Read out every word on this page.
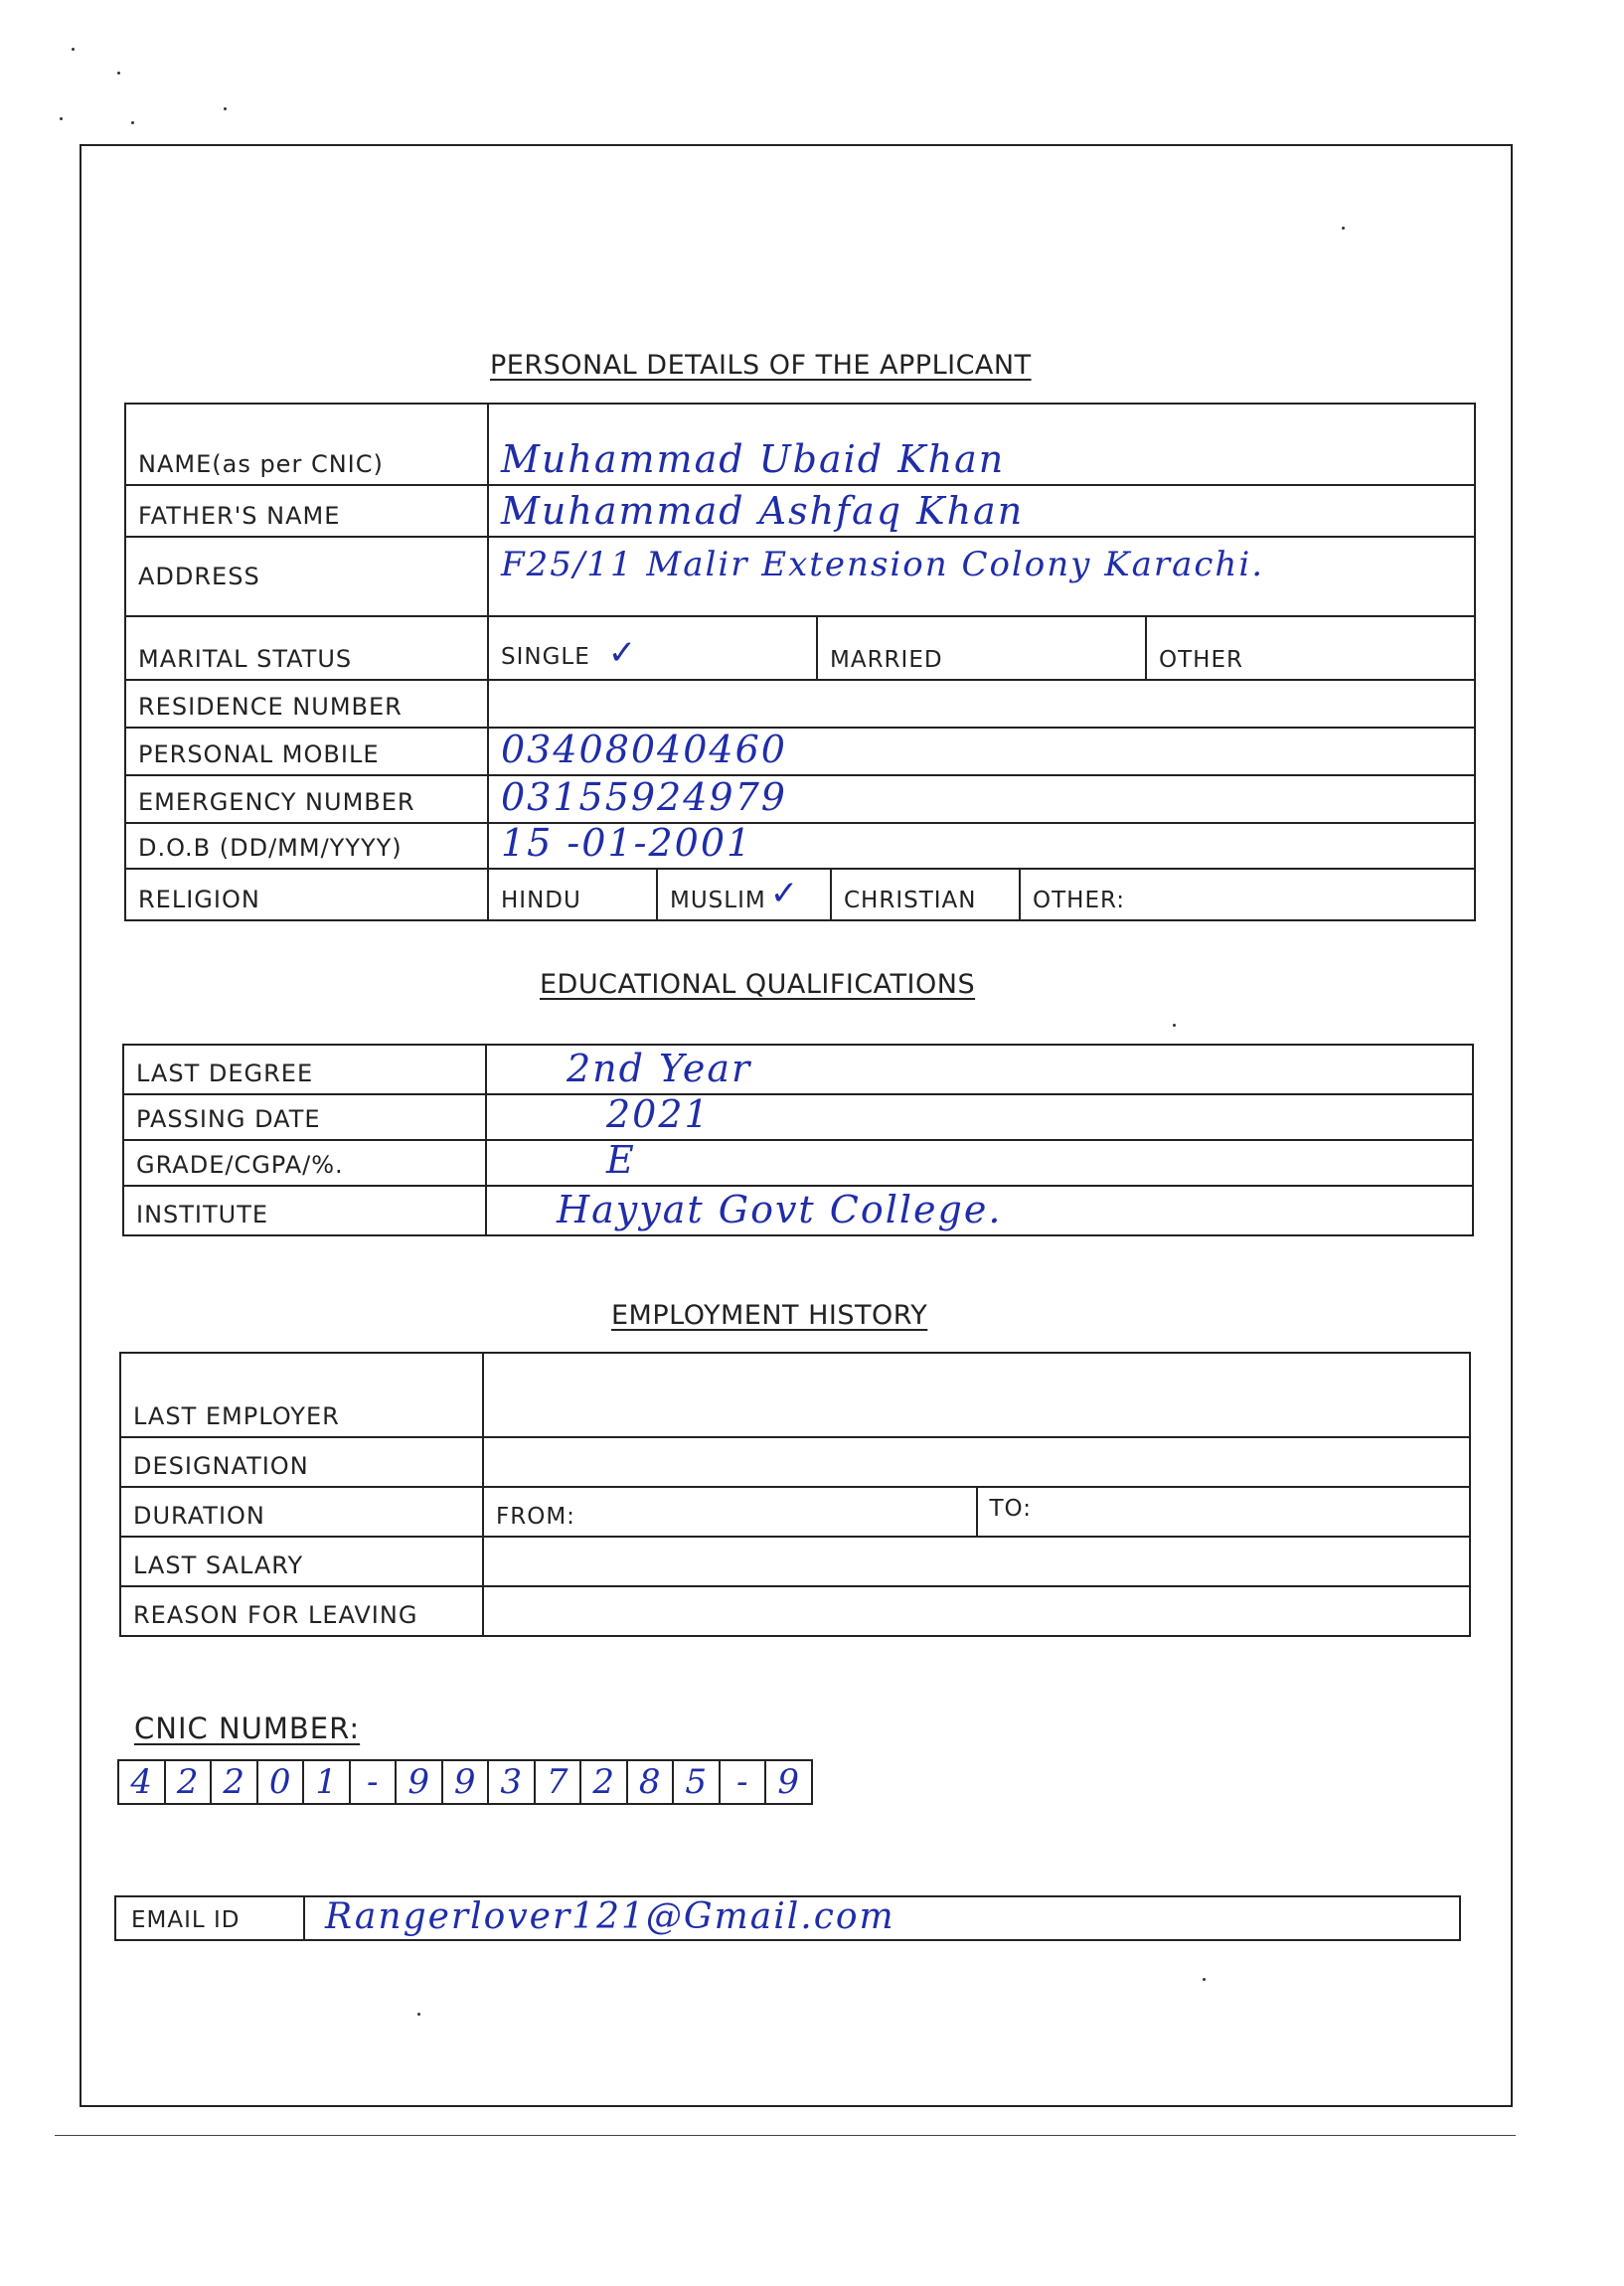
PERSONAL DETAILS OF THE APPLICANT
NAME(as per CNIC)	Muhammad Ubaid Khan		
FATHER'S NAME	Muhammad Ashfaq Khan		
ADDRESS	F25/11 Malir Extension Colony Karachi.		
MARITAL STATUS	SINGLE ✓	MARRIED	OTHER
RESIDENCE NUMBER			
PERSONAL MOBILE	03408040460		
EMERGENCY NUMBER	03155924979		
D.O.B (DD/MM/YYYY)	15 -01-2001		
RELIGION	HINDU MUSLIM ✓ CHRISTIAN OTHER:		
EDUCATIONAL QUALIFICATIONS
LAST DEGREE	2nd Year
PASSING DATE	2021
GRADE/CGPA/%.	E
INSTITUTE	Hayyat Govt College.
EMPLOYMENT HISTORY
LAST EMPLOYER		
DESIGNATION		
DURATION	FROM:	TO:
LAST SALARY		
REASON FOR LEAVING		
CNIC NUMBER:
4 2 2 0 1 - 9 9 3 7 2 8 5 - 9
EMAIL ID	Rangerlover121@Gmail.com
